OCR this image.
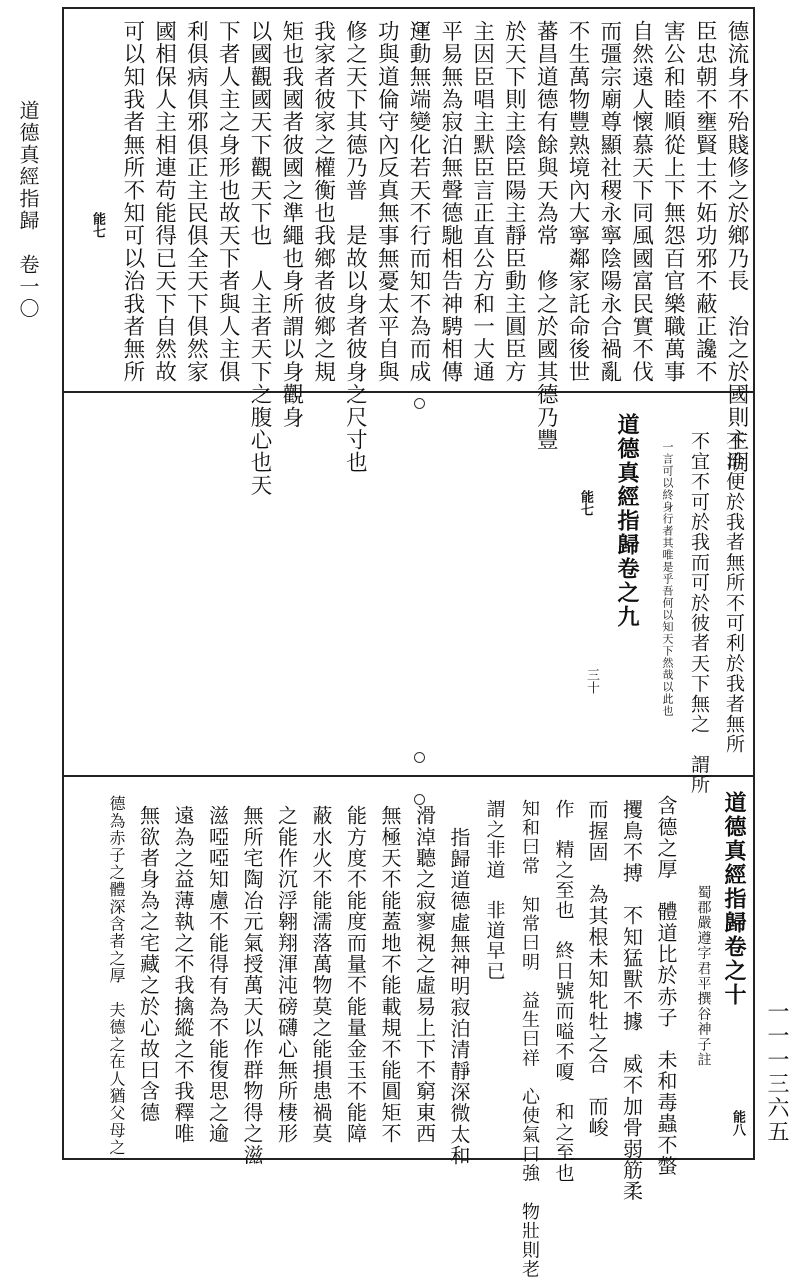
道德真經指歸　卷一〇
一一一三六五
能七
能七
能八
德流身不殆賤修之於鄉乃長　治之於國則主明
臣忠朝不壅賢士不妬功邪不蔽正讒不
害公和睦順從上下無怨百官樂職萬事
自然遠人懷慕天下同風國富民實不伐
而彊宗廟尊顯社稷永寧陰陽永合禍亂
不生萬物豐熟境內大寧鄰家託命後世
蕃昌道德有餘與天為常　修之於國其德乃豐
於天下則主陰臣陽主靜臣動主圓臣方
主因臣唱主默臣言正直公方和一大通
平易無為寂泊無聲德馳相告神騁相傳
運動無端變化若天不行而知不為而成
功與道倫守內反真無事無憂太平自與
修之天下其德乃普　是故以身者彼身之尺寸也
我家者彼家之權衡也我鄉者彼鄉之規
矩也我國者彼國之準繩也身所謂以身觀身
以國觀國天下觀天下也　人主者天下之腹心也天
下者人主之身形也故天下者與人主俱
利俱病俱邪俱正主民俱全天下俱然家
國相保人主相連苟能得已天下自然故
可以知我者無所不知可以治我者無所
不治便於我者無所不可利於我者無所
不宜不可於我而可於彼者天下無之　謂所
一言可以終身行者其唯是乎吾何以知天下然哉以此也
道德真經指歸卷之九
三十
道德真經指歸卷之十
蜀郡嚴遵字君平撰谷神子註
含德之厚　體道比於赤子　未和毒蟲不螫
攫鳥不搏　不知猛獸不據　威不加骨弱筋柔
而握固　為其根未知牝牡之合　而峻
作　精之至也　終日號而嗌不嗄　和之至也
知和曰常　知常曰明　益生曰祥　心使氣曰強　物壯則老
謂之非道　非道早已
指歸道德虛無神明寂泊清靜深微太和
滑淖聽之寂寥視之虛易上下不窮東西
無極天不能蓋地不能載規不能圓矩不
能方度不能度而量不能量金玉不能障
蔽水火不能濡落萬物莫之能損患禍莫
之能作沉浮翱翔渾沌磅礴心無所棲形
無所宅陶冶元氣授萬天以作群物得之滋
滋啞啞知慮不能得有為不能復思之逾
遠為之益薄執之不我擒縱之不我釋唯
無欲者身為之宅藏之於心故曰含德
德為赤子之體深含者之厚　夫德之在人猶父母之
